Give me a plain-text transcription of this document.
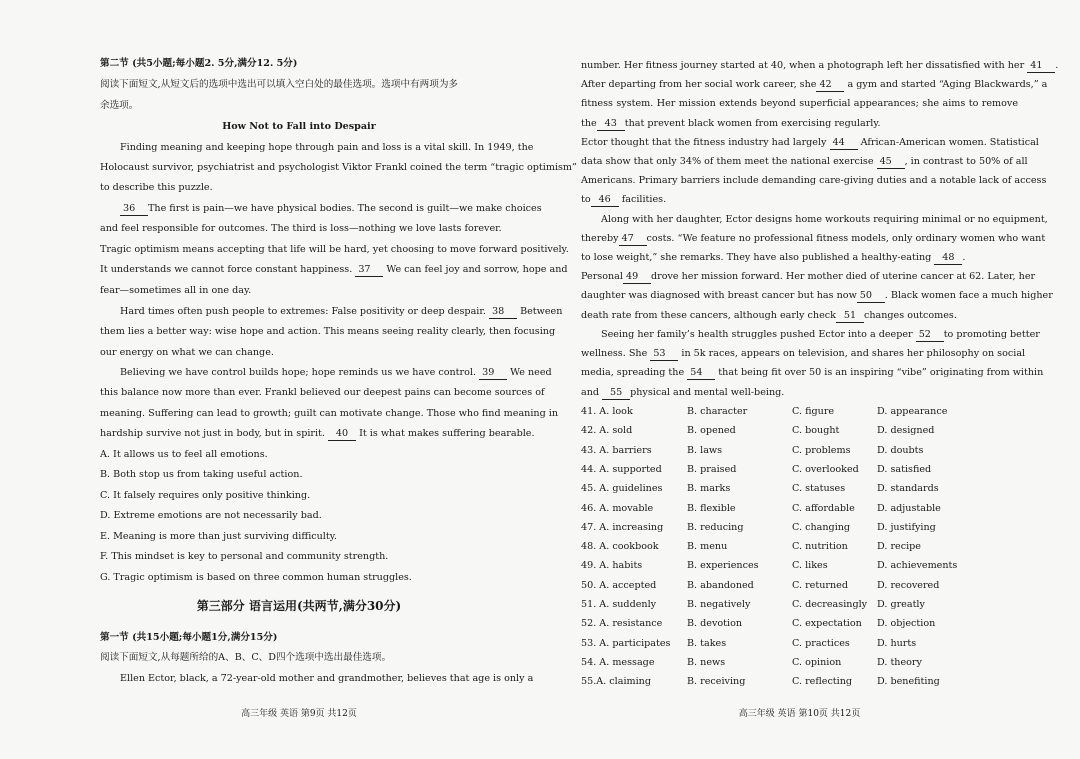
第二节 (共5小题;每小题2. 5分,满分12. 5分)
阅读下面短文,从短文后的选项中选出可以填入空白处的最佳选项。选项中有两项为多
余选项。
How Not to Fall into Despair
Finding meaning and keeping hope through pain and loss is a vital skill. In 1949, the
Holocaust survivor, psychiatrist and psychologist Viktor Frankl coined the term “tragic optimism”
to describe this puzzle.
36 The first is pain—we have physical bodies. The second is guilt—we make choices
and feel responsible for outcomes. The third is loss—nothing we love lasts forever.
Tragic optimism means accepting that life will be hard, yet choosing to move forward positively.
It understands we cannot force constant happiness. 37 We can feel joy and sorrow, hope and
fear—sometimes all in one day.
Hard times often push people to extremes: False positivity or deep despair. 38 Between
them lies a better way: wise hope and action. This means seeing reality clearly, then focusing
our energy on what we can change.
Believing we have control builds hope; hope reminds us we have control. 39 We need
this balance now more than ever. Frankl believed our deepest pains can become sources of
meaning. Suffering can lead to growth; guilt can motivate change. Those who find meaning in
hardship survive not just in body, but in spirit. 40 It is what makes suffering bearable.
A. It allows us to feel all emotions.
B. Both stop us from taking useful action.
C. It falsely requires only positive thinking.
D. Extreme emotions are not necessarily bad.
E. Meaning is more than just surviving difficulty.
F. This mindset is key to personal and community strength.
G. Tragic optimism is based on three common human struggles.
第三部分 语言运用(共两节,满分30分)
第一节 (共15小题;每小题1分,满分15分)
阅读下面短文,从每题所给的A、B、C、D四个选项中选出最佳选项。
Ellen Ector, black, a 72-year-old mother and grandmother, believes that age is only a
高三年级 英语 第9页 共12页
number. Her fitness journey started at 40, when a photograph left her dissatisfied with her 41 .
After departing from her social work career, she 42 a gym and started “Aging Blackwards,” a
fitness system. Her mission extends beyond superficial appearances; she aims to remove
the 43 that prevent black women from exercising regularly.
Ector thought that the fitness industry had largely 44 African-American women. Statistical
data show that only 34% of them meet the national exercise 45 , in contrast to 50% of all
Americans. Primary barriers include demanding care-giving duties and a notable lack of access
to 46 facilities.
Along with her daughter, Ector designs home workouts requiring minimal or no equipment,
thereby 47 costs. “We feature no professional fitness models, only ordinary women who want
to lose weight,” she remarks. They have also published a healthy-eating 48 .
Personal 49 drove her mission forward. Her mother died of uterine cancer at 62. Later, her
daughter was diagnosed with breast cancer but has now 50 . Black women face a much higher
death rate from these cancers, although early check 51 changes outcomes.
Seeing her family’s health struggles pushed Ector into a deeper 52 to promoting better
wellness. She 53 in 5k races, appears on television, and shares her philosophy on social
media, spreading the 54 that being fit over 50 is an inspiring “vibe” originating from within
and 55 physical and mental well-being.
41. A. look	B. character	C. figure	D. appearance
42. A. sold	B. opened	C. bought	D. designed
43. A. barriers	B. laws	C. problems	D. doubts
44. A. supported	B. praised	C. overlooked D. satisfied
45. A. guidelines	B. marks	C. statuses	D. standards
46. A. movable	B. flexible	C. affordable D. adjustable
47. A. increasing B. reducing	C. changing	D. justifying
48. A. cookbook	B. menu	C. nutrition	D. recipe
49. A. habits	B. experiences	C. likes	D. achievements
50. A. accepted	B. abandoned	C. returned	D. recovered
51. A. suddenly	B. negatively	C. decreasingly D. greatly
52. A. resistance	B. devotion	C. expectation D. objection
53. A. participates B. takes	C. practices	D. hurts
54. A. message	B. news	C. opinion	D. theory
55.A. claiming	B. receiving	C. reflecting	D. benefiting
高三年级 英语 第10页 共12页
